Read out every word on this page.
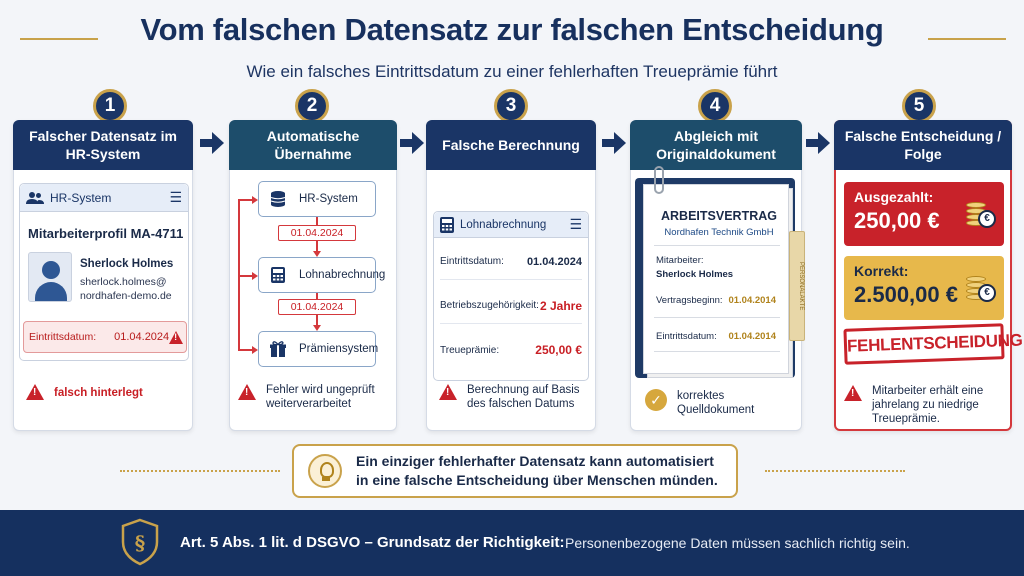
Vom falschen Datensatz zur falschen Entscheidung
Wie ein falsches Eintrittsdatum zu einer fehlerhaften Treueprämie führt
1	2	3	4	5
Falscher Datensatz im HR-System
HR-System	☰
Mitarbeiterprofil MA-4711
Sherlock Holmes
sherlock.holmes@
nordhafen-demo.de
Eintrittsdatum: 01.04.2024
!
!
falsch hinterlegt
Automatische Übernahme
HR-System
01.04.2024
Lohnabrechnung
01.04.2024
Prämiensystem
!
Fehler wird ungeprüft weiterverarbeitet
Falsche Berechnung
Lohnabrechnung ☰
Eintrittsdatum: 01.04.2024
Betriebszugehörigkeit: 2 Jahre
Treueprämie:	250,00 €
!
Berechnung auf Basis des falschen Datums
Abgleich mit Originaldokument
ARBEITSVERTRAG
Nordhafen Technik GmbH
Mitarbeiter:
Sherlock Holmes
Vertragsbeginn: 01.04.2014
Eintrittsdatum: 01.04.2014
PERSONALAKTE
✓	korrektes Quelldokument
Falsche Entscheidung / Folge
Ausgezahlt:
250,00 €	€
Korrekt:
2.500,00 €	€
FEHLENTSCHEIDUNG
!
Mitarbeiter erhält eine jahrelang zu niedrige Treueprämie.
Ein einziger fehlerhafter Datensatz kann automatisiert
in eine falsche Entscheidung über Menschen münden.
§ Art. 5 Abs. 1 lit. d DSGVO – Grundsatz der Richtigkeit: Personenbezogene Daten müssen sachlich richtig sein.
